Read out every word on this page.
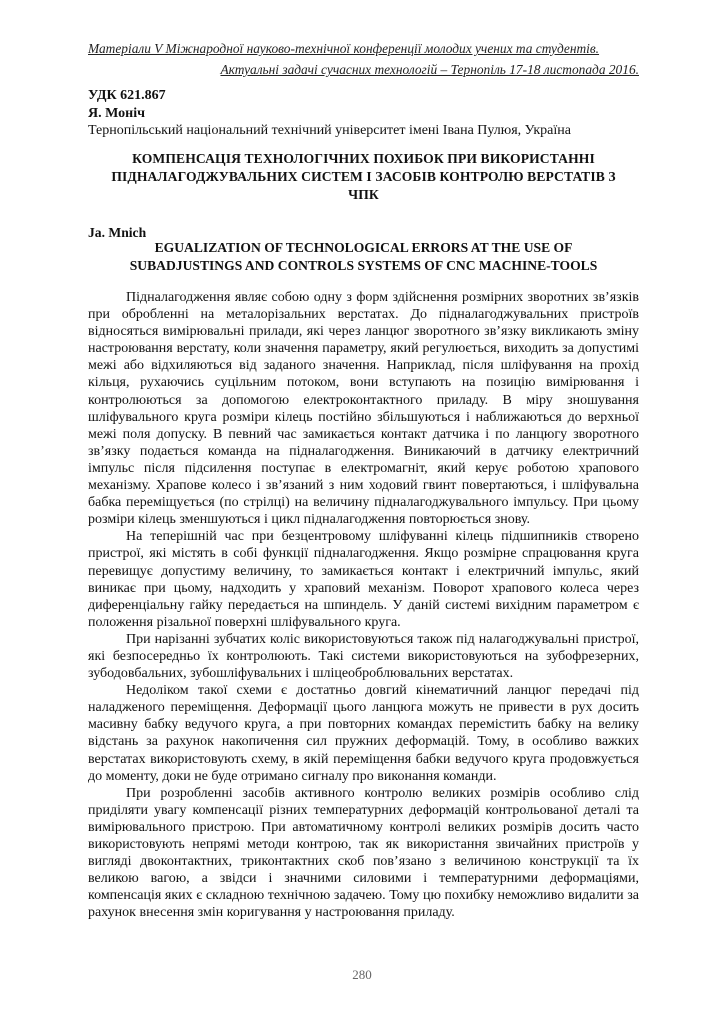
Матеріали V Міжнародної науково-технічної конференції молодих учених та студентів.
Актуальні задачі сучасних технологій – Тернопіль 17-18 листопада 2016.
УДК 621.867
Я. Моніч
Тернопільський національний технічний університет імені Івана Пулюя, Україна
КОМПЕНСАЦІЯ ТЕХНОЛОГІЧНИХ ПОХИБОК ПРИ ВИКОРИСТАННІ
ПІДНАЛАГОДЖУВАЛЬНИХ СИСТЕМ І ЗАСОБІВ КОНТРОЛЮ ВЕРСТАТІВ З
ЧПК
Ja. Mnich
EGUALIZATION OF TECHNOLOGICAL ERRORS AT THE USE OF
SUBADJUSTINGS AND CONTROLS SYSTEMS OF CNC MACHINE-TOOLS

Підналагодження являє собою одну з форм здійснення розмірних зворотних зв’язків при обробленні на металорізальних верстатах. До підналагоджувальних пристроїв відносяться вимірювальні прилади, які через ланцюг зворотного зв’язку викликають зміну настроювання верстату, коли значення параметру, який регулюється, виходить за допустимі межі або відхиляються від заданого значення. Наприклад, після шліфування на прохід кільця, рухаючись суцільним потоком, вони вступають на позицію вимірювання і контролюються за допомогою електроконтактного приладу. В міру зношування шліфувального круга розміри кілець постійно збільшуються і наближаються до верхньої межі поля допуску. В певний час замикається контакт датчика і по ланцюгу зворотного зв’язку подається команда на підналагодження. Виникаючий в датчику електричний імпульс після підсилення поступає в електромагніт, який керує роботою храпового механізму. Храпове колесо і зв’язаний з ним ходовий гвинт повертаються, і шліфувальна бабка переміщується (по стрілці) на величину підналагоджувального імпульсу. При цьому розміри кілець зменшуються і цикл підналагодження повторюється знову.

На теперішній час при безцентровому шліфуванні кілець підшипників створено пристрої, які містять в собі функції підналагодження. Якщо розмірне спрацювання круга перевищує допустиму величину, то замикається контакт і електричний імпульс, який виникає при цьому, надходить у храповий механізм. Поворот храпового колеса через диференціальну гайку передається на шпиндель. У даній системі вихідним параметром є положення різальної поверхні шліфувального круга.

При нарізанні зубчатих коліс використовуються також під налагоджувальні пристрої, які безпосередньо їх контролюють. Такі системи використовуються на зубофрезерних, зубодовбальних, зубошліфувальних і шліцеоброблювальних верстатах.

Недоліком такої схеми є достатньо довгий кінематичний ланцюг передачі під наладженого переміщення. Деформації цього ланцюга можуть не привести в рух досить масивну бабку ведучого круга, а при повторних командах перемістить бабку на велику відстань за рахунок накопичення сил пружних деформацій. Тому, в особливо важких верстатах використовують схему, в якій переміщення бабки ведучого круга продовжується до моменту, доки не буде отримано сигналу про виконання команди.

При розробленні засобів активного контролю великих розмірів особливо слід приділяти увагу компенсації різних температурних деформацій контрольованої деталі та вимірювального пристрою. При автоматичному контролі великих розмірів досить часто використовують непрямі методи контрою, так як використання звичайних пристроїв у вигляді двоконтактних, триконтактних скоб пов’язано з величиною конструкції та їх великою вагою, а звідси і значними силовими і температурними деформаціями, компенсація яких є складною технічною задачею. Тому цю похибку неможливо видалити за рахунок внесення змін коригування у настроювання приладу.

280
